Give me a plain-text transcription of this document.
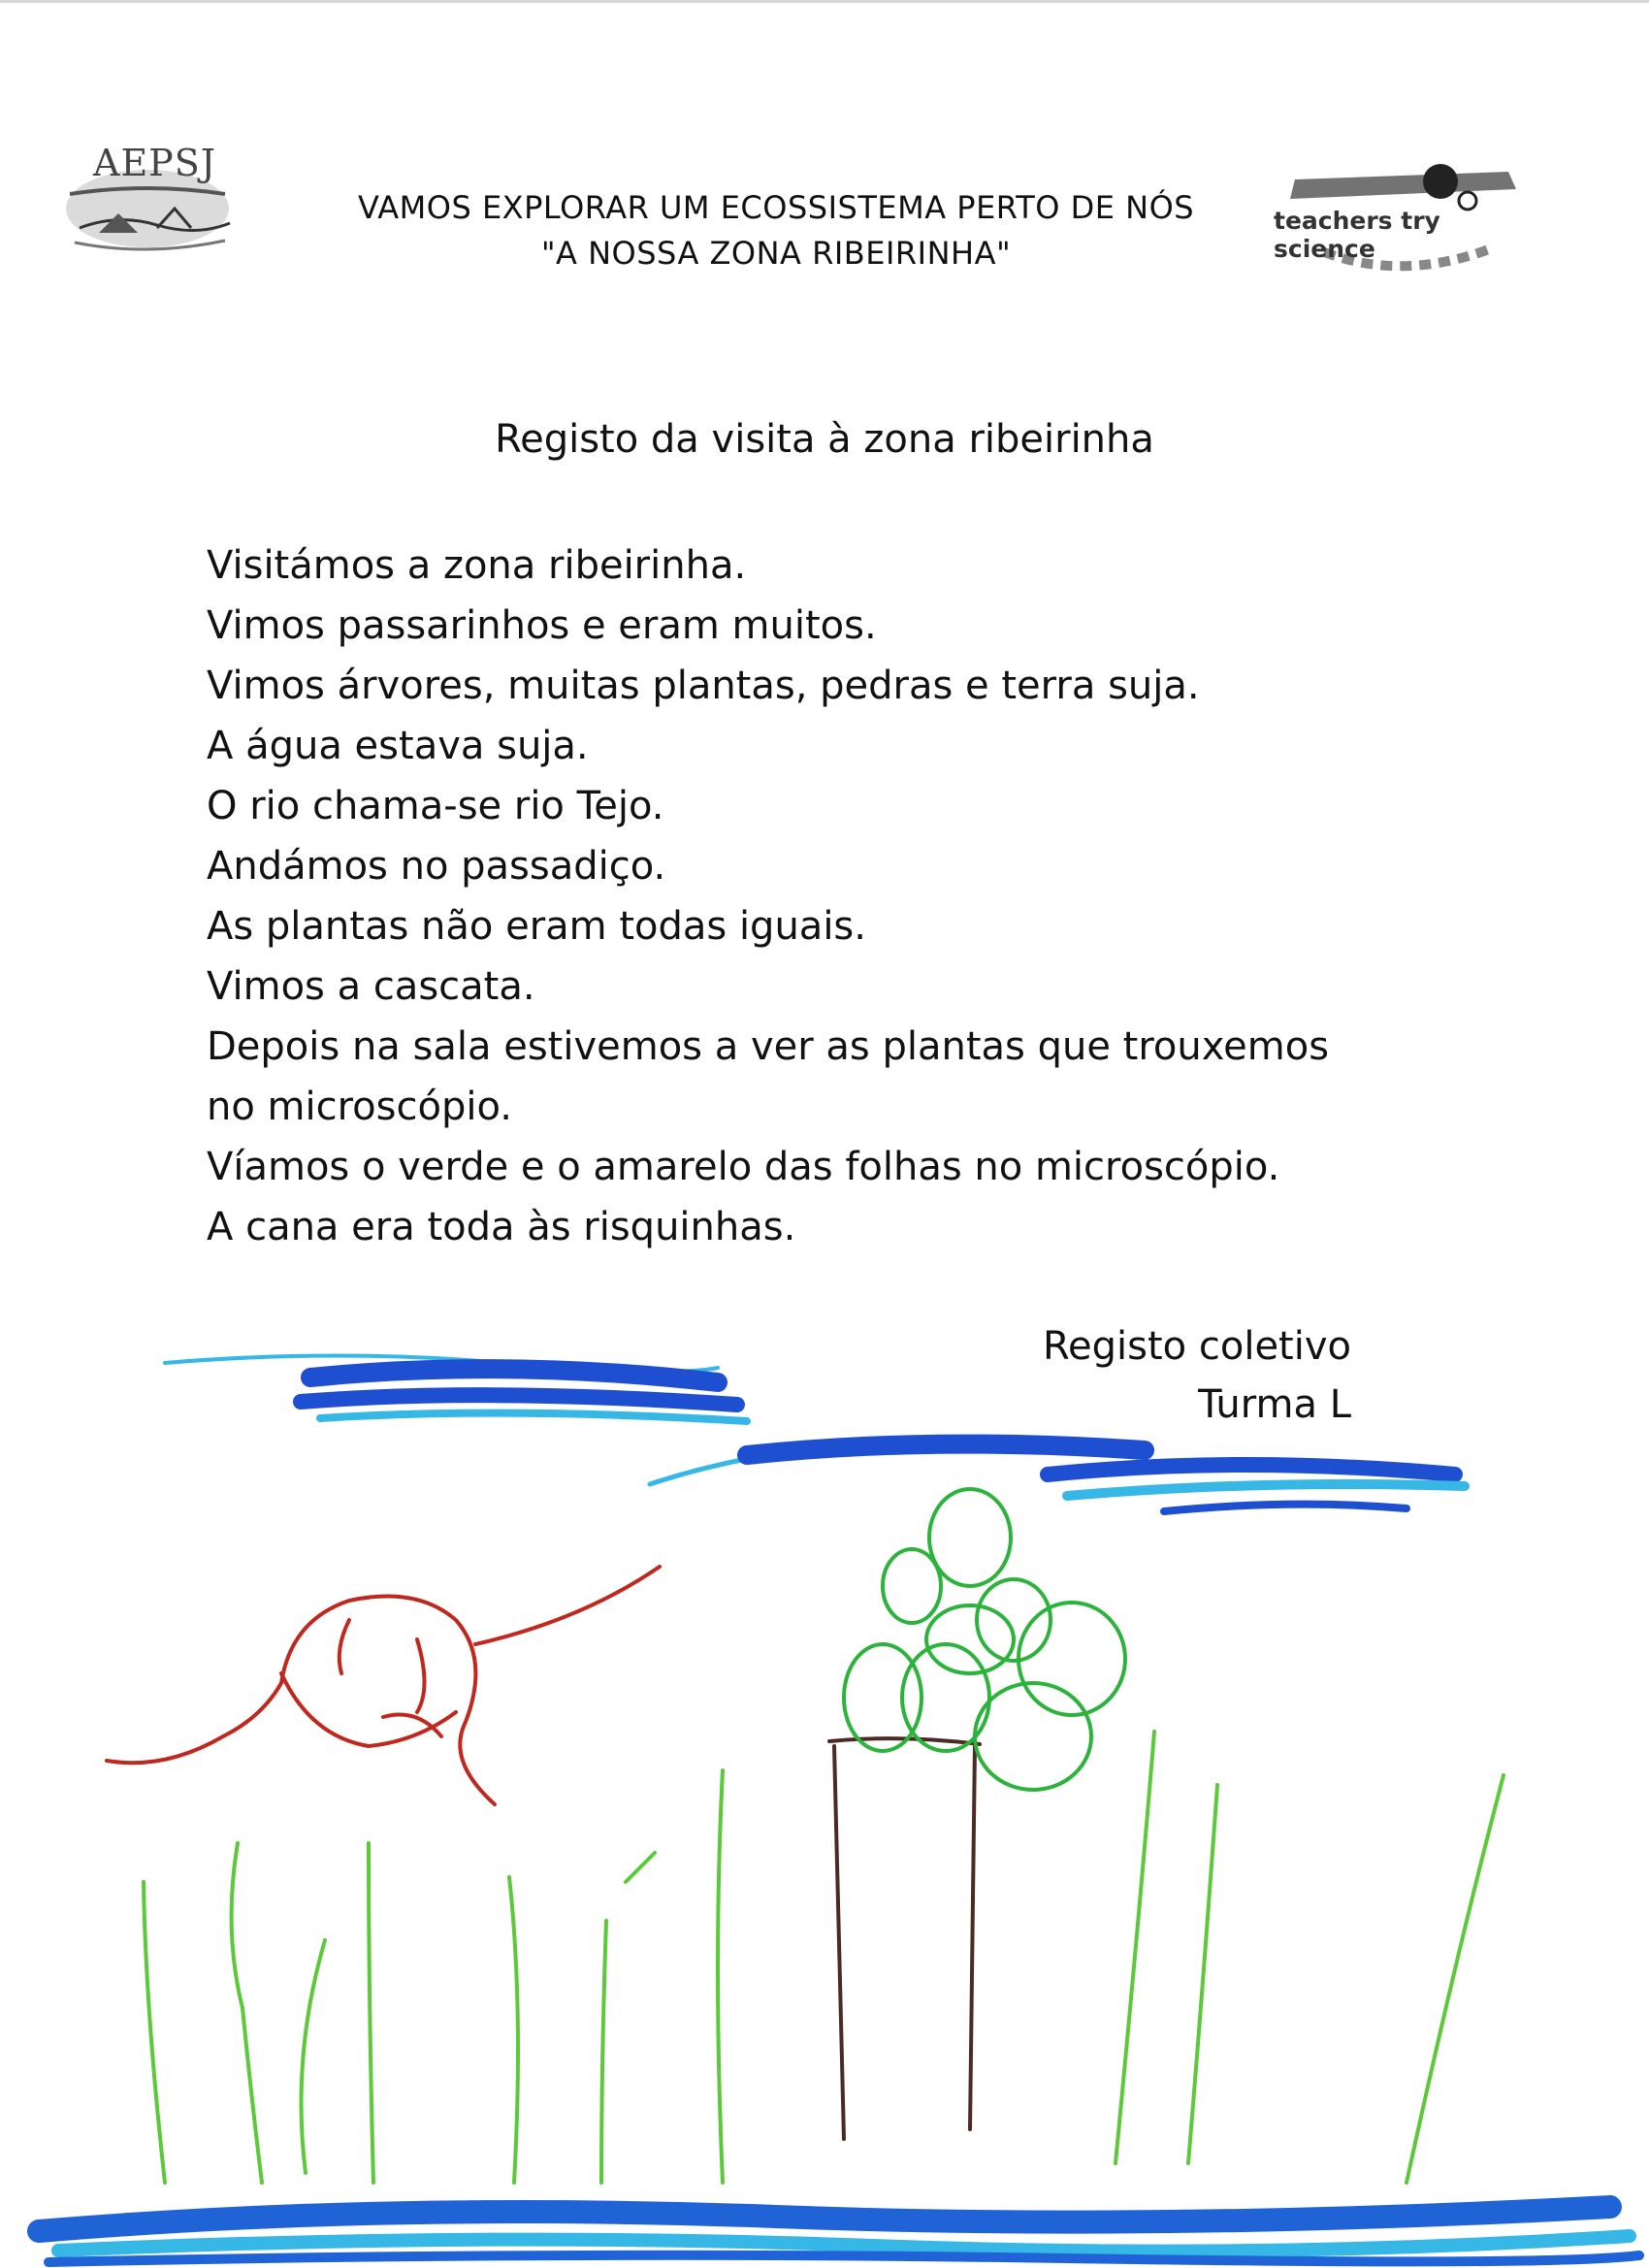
AEPSJ
VAMOS EXPLORAR UM ECOSSISTEMA PERTO DE NÓS
"A NOSSA ZONA RIBEIRINHA"
teachers try science
Registo da visita à zona ribeirinha

Visitámos a zona ribeirinha.

Vimos passarinhos e eram muitos.

Vimos árvores, muitas plantas, pedras e terra suja.

A água estava suja.

O rio chama-se rio Tejo.

Andámos no passadiço.

As plantas não eram todas iguais.

Vimos a cascata.

Depois na sala estivemos a ver as plantas que trouxemos

no microscópio.

Víamos o verde e o amarelo das folhas no microscópio.

A cana era toda às risquinhas.

Registo coletivo
Turma L
